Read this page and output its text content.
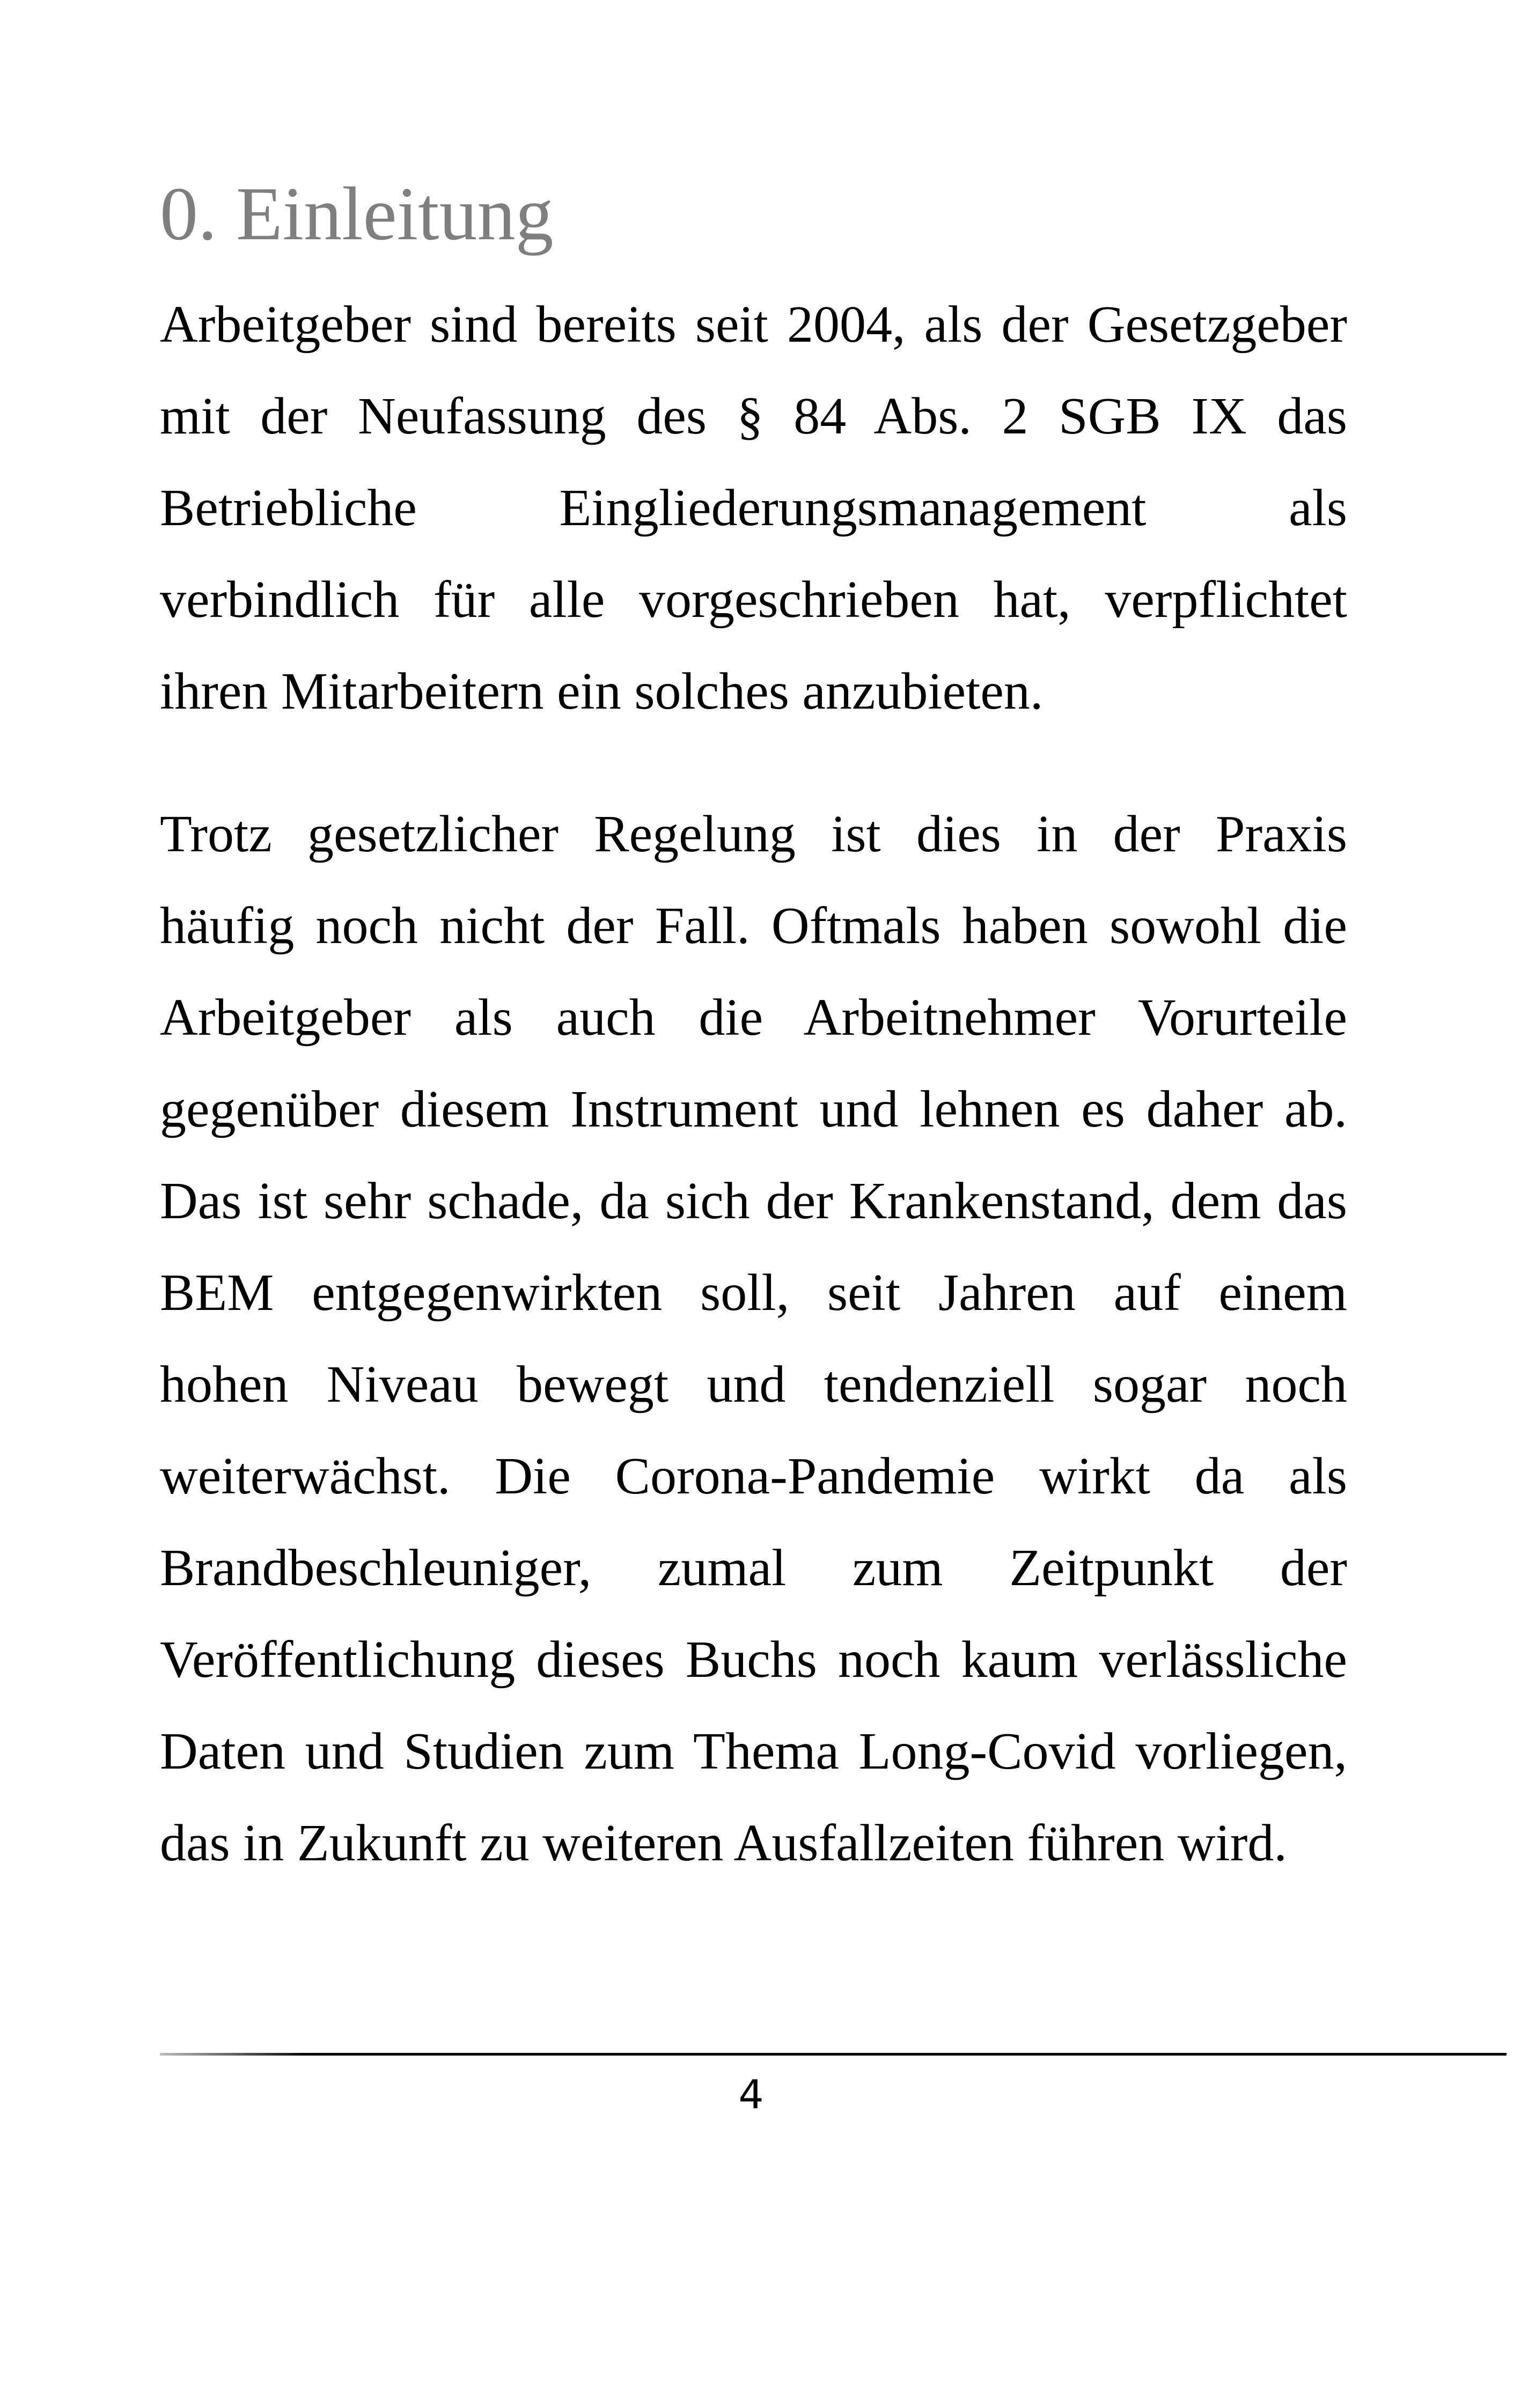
0. Einleitung
Arbeitgeber sind bereits seit 2004, als der Gesetzgeber
mit der Neufassung des § 84 Abs. 2 SGB IX das
Betriebliche Eingliederungsmanagement als
verbindlich für alle vorgeschrieben hat, verpflichtet
ihren Mitarbeitern ein solches anzubieten.
Trotz gesetzlicher Regelung ist dies in der Praxis
häufig noch nicht der Fall. Oftmals haben sowohl die
Arbeitgeber als auch die Arbeitnehmer Vorurteile
gegenüber diesem Instrument und lehnen es daher ab.
Das ist sehr schade, da sich der Krankenstand, dem das
BEM entgegenwirkten soll, seit Jahren auf einem
hohen Niveau bewegt und tendenziell sogar noch
weiterwächst. Die Corona-Pandemie wirkt da als
Brandbeschleuniger, zumal zum Zeitpunkt der
Veröffentlichung dieses Buchs noch kaum verlässliche
Daten und Studien zum Thema Long-Covid vorliegen,
das in Zukunft zu weiteren Ausfallzeiten führen wird.
4
